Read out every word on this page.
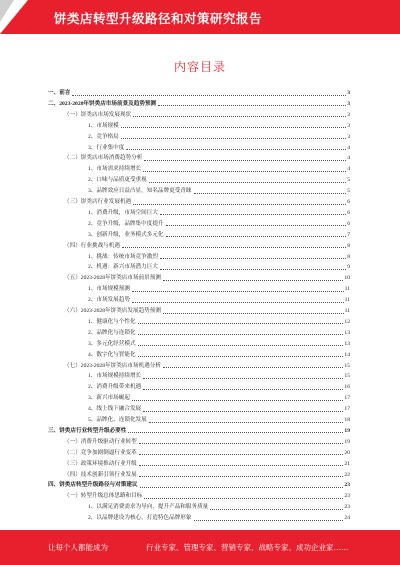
饼类店转型升级路径和对策研究报告
内容目录
一、前言	3
二、2023-2028年饼类店市场前景及趋势预测	3
（一）饼类店市场发展现状	3
1、市场规模	3
2、竞争格局	3
3、行业集中度	4
（二）饼类店市场消费趋势分析	4
1、市场需求持续增长	4
2、口味与品质更受重视	5
3、品牌效应日益凸显，知名品牌更受青睐	5
（三）饼类店行业发展机遇	6
1、消费升级，市场空间巨大	6
2、竞争升级，品牌集中度提升	6
3、创新升级，业务模式多元化	7
（四）行业挑战与机遇	8
1、挑战：传统市场竞争激烈	8
2、机遇：新兴市场潜力巨大	9
（五）2023-2028年饼类店市场前景预测	10
1、市场规模预测	11
2、市场发展趋势	11
（六）2023-2028年饼类店发展趋势预测	11
1、健康化与个性化	12
2、品牌化与连锁化	13
3、多元化经营模式	13
4、数字化与智能化	14
（七）2023-2028年饼类店市场机遇分析	15
1、市场规模持续增长	15
2、消费升级带来机遇	16
3、新兴市场崛起	17
4、线上线下融合发展	17
5、品牌化、连锁化发展	18
三、饼类店行业转型升级必要性	19
（一）消费升级驱动行业转型	19
（二）竞争加剧倒逼行业变革	20
（三）政策环境推动行业升级	21
（四）技术创新引领行业发展	22
四、饼类店转型升级路径与对策建议	23
（一）转型升级总体思路和目标	23
1、以满足消费需求为导向，提升产品和服务质量	23
2、以品牌建设为核心，打造特色品牌形象	24
让每个人都能成为	行业专家、管理专家、营销专家、战略专家、成功企业家……
